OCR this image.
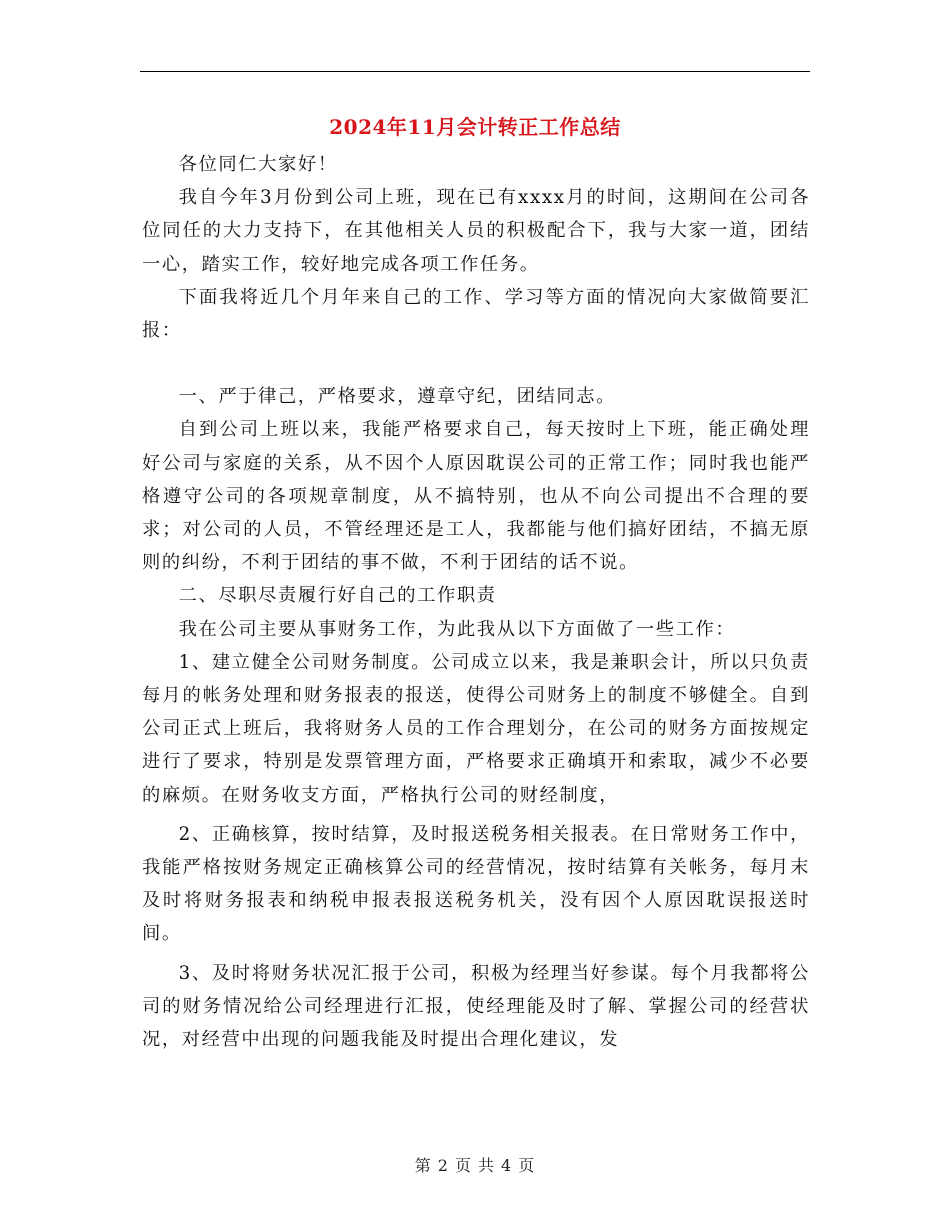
2024年11月会计转正工作总结

各位同仁大家好！

我自今年3月份到公司上班，现在已有xxxx月的时间，这期间在公司各位同任的大力支持下，在其他相关人员的积极配合下，我与大家一道，团结一心，踏实工作，较好地完成各项工作任务。

下面我将近几个月年来自己的工作、学习等方面的情况向大家做简要汇报：

一、严于律己，严格要求，遵章守纪，团结同志。

自到公司上班以来，我能严格要求自己，每天按时上下班，能正确处理好公司与家庭的关系，从不因个人原因耽误公司的正常工作；同时我也能严格遵守公司的各项规章制度，从不搞特别，也从不向公司提出不合理的要求；对公司的人员，不管经理还是工人，我都能与他们搞好团结，不搞无原则的纠纷，不利于团结的事不做，不利于团结的话不说。

二、尽职尽责履行好自己的工作职责

我在公司主要从事财务工作，为此我从以下方面做了一些工作：

1、建立健全公司财务制度。公司成立以来，我是兼职会计，所以只负责每月的帐务处理和财务报表的报送，使得公司财务上的制度不够健全。自到公司正式上班后，我将财务人员的工作合理划分，在公司的财务方面按规定进行了要求，特别是发票管理方面，严格要求正确填开和索取，减少不必要的麻烦。在财务收支方面，严格执行公司的财经制度，

2、正确核算，按时结算，及时报送税务相关报表。在日常财务工作中，我能严格按财务规定正确核算公司的经营情况，按时结算有关帐务，每月末及时将财务报表和纳税申报表报送税务机关，没有因个人原因耽误报送时间。

3、及时将财务状况汇报于公司，积极为经理当好参谋。每个月我都将公司的财务情况给公司经理进行汇报，使经理能及时了解、掌握公司的经营状况，对经营中出现的问题我能及时提出合理化建议，发

第 2 页 共 4 页
